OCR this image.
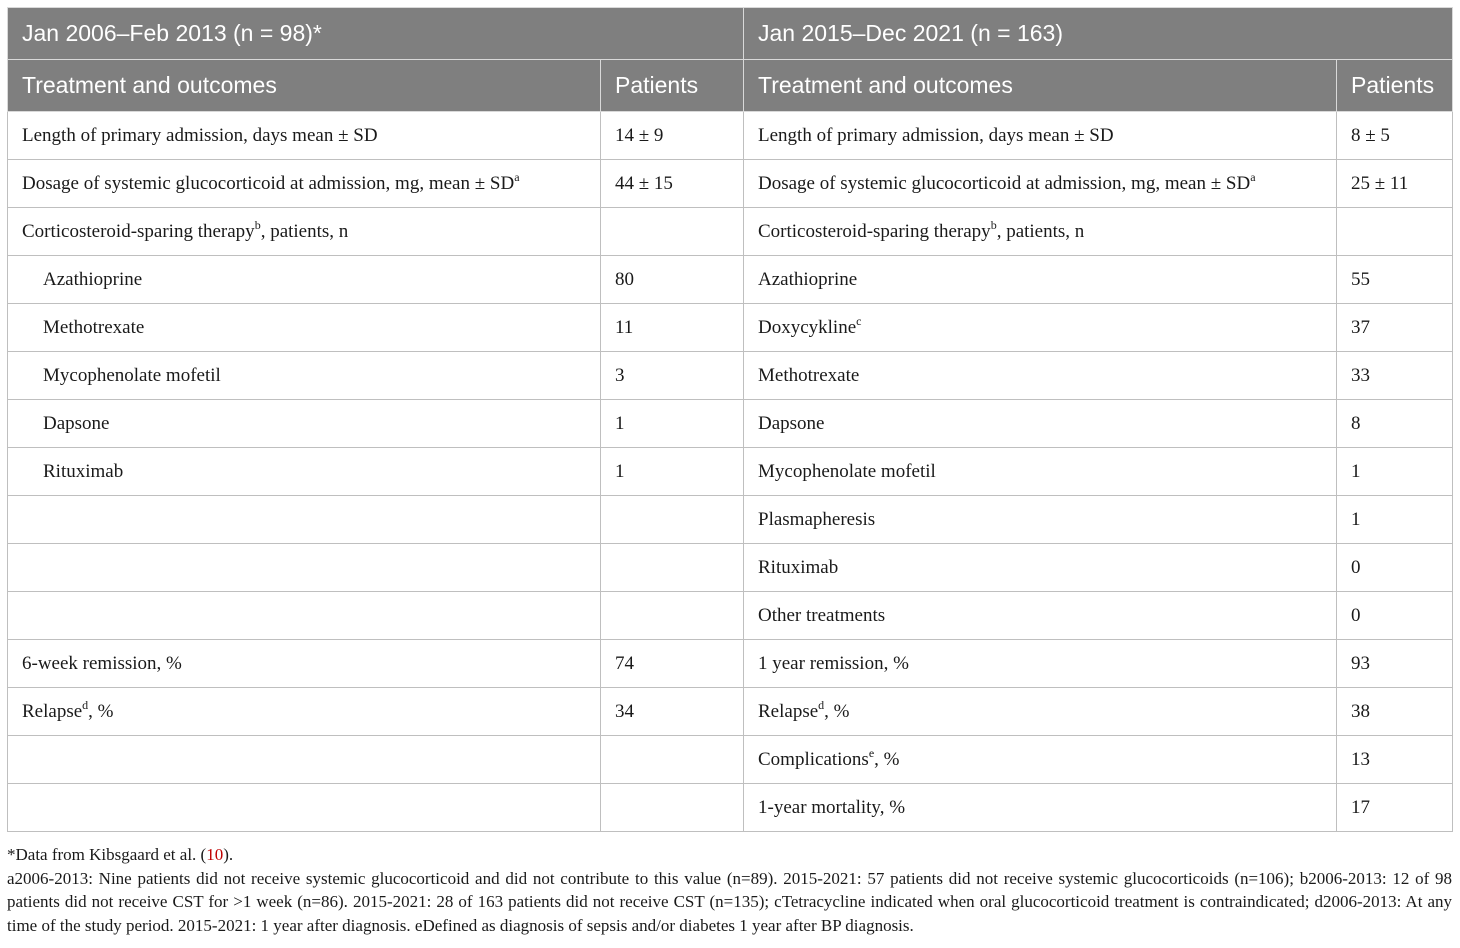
Jan 2006–Feb 2013 (n = 98)*		Jan 2015–Dec 2021 (n = 163)	
Treatment and outcomes	Patients	Treatment and outcomes	Patients
Length of primary admission, days mean ± SD	14 ± 9	Length of primary admission, days mean ± SD	8 ± 5
Dosage of systemic glucocorticoid at admission, mg, mean ± $SD^a$	44 ± 15	Dosage of systemic glucocorticoid at admission, mg, mean ± $SD^a$	25 ± 11
Corticosteroid-sparing therapy$^b$, patients, n		Corticosteroid-sparing therapy$^b$, patients, n	
Azathioprine	80	Azathioprine	55
Methotrexate	11	Doxycykline$^c$	37
Mycophenolate mofetil	3	Methotrexate	33
Dapsone	1	Dapsone	8
Rituximab	1	Mycophenolate mofetil	1
		Plasmapheresis	1
		Rituximab	0
		Other treatments	0
6-week remission, %	74	1 year remission, %	93
Relapse$^d$, %	34	Relapse$^d$, %	38
		Complications$^e$, %	13
		1-year mortality, %	17

*Data from Kibsgaard et al. (10).

a2006-2013: Nine patients did not receive systemic glucocorticoid and did not contribute to this value (n=89). 2015-2021: 57 patients did not receive systemic glucocorticoids (n=106); b2006-2013: 12 of 98 patients did not receive CST for >1 week (n=86). 2015-2021: 28 of 163 patients did not receive CST (n=135); cTetracycline indicated when oral glucocorticoid treatment is contraindicated; d2006-2013: At any time of the study period. 2015-2021: 1 year after diagnosis. eDefined as diagnosis of sepsis and/or diabetes 1 year after BP diagnosis.
